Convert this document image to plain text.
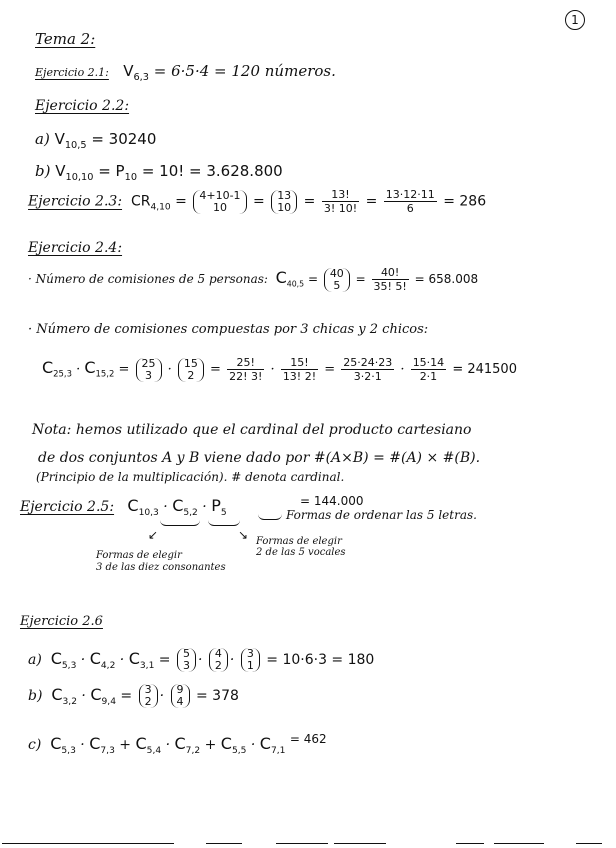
1
Tema 2:
Ejercicio 2.1: $V_{6,3} = 6\cdot 5\cdot 4 = 120$ números.
Ejercicio 2.2:
a) $V_{10,5} = 30240$
b) $V_{10,10} = P_{10} = 10$! = 3.628.800
Ejercicio 2.3: $CR_{4,10} = 4+10-1$
10	= 13
$10 = \frac{13!}{3! 10!} = \frac{13\cdot 12\cdot 11}{6} = 286$
Ejercicio 2.4:
· Número de comisiones de 5 personas: $C_{40,5} = 40$
$5 = \frac{40!}{35! 5!} = 658.008$
· Número de comisiones compuestas por 3 chicas y 2 chicos:
$C_{25,3} \cdot C_{15,2} = 25$
3 · 15
$2 = \frac{25!}{22! 3!} \cdot \frac{15!}{13! 2!} = \frac{25\cdot 24\cdot 23}{3\cdot 2\cdot 1} \cdot \frac{15\cdot 14}{2\cdot 1} = 241500$
Nota: hemos utilizado que el cardinal del producto cartesiano
de dos conjuntos A y B viene dado por #(A×B) = #(A) × #(B).
(Principio de la multiplicación). # denota cardinal.
Ejercicio 2.5: $C_{10,3} \cdot C_{5,2} \cdot P_5$
= 144.000
Formas de ordenar las 5 letras.
↙	↘ Formas de elegir
2 de las 5 vocales
Formas de elegir
3 de las diez consonantes
Ejercicio 2.6
a) $C_{5,3} \cdot C_{4,2} \cdot C_{3,1} = 5$
3 · 4
2 · 3
1 = 10·6·3 = 180
b) $C_{3,2} \cdot C_{9,4} = 3$
2 · 9
4 = 378
c) $C_{5,3} \cdot C_{7,3} + C_{5,4} \cdot C_{7,2} + C_{5,5} \cdot C_{7,1} = 462$
